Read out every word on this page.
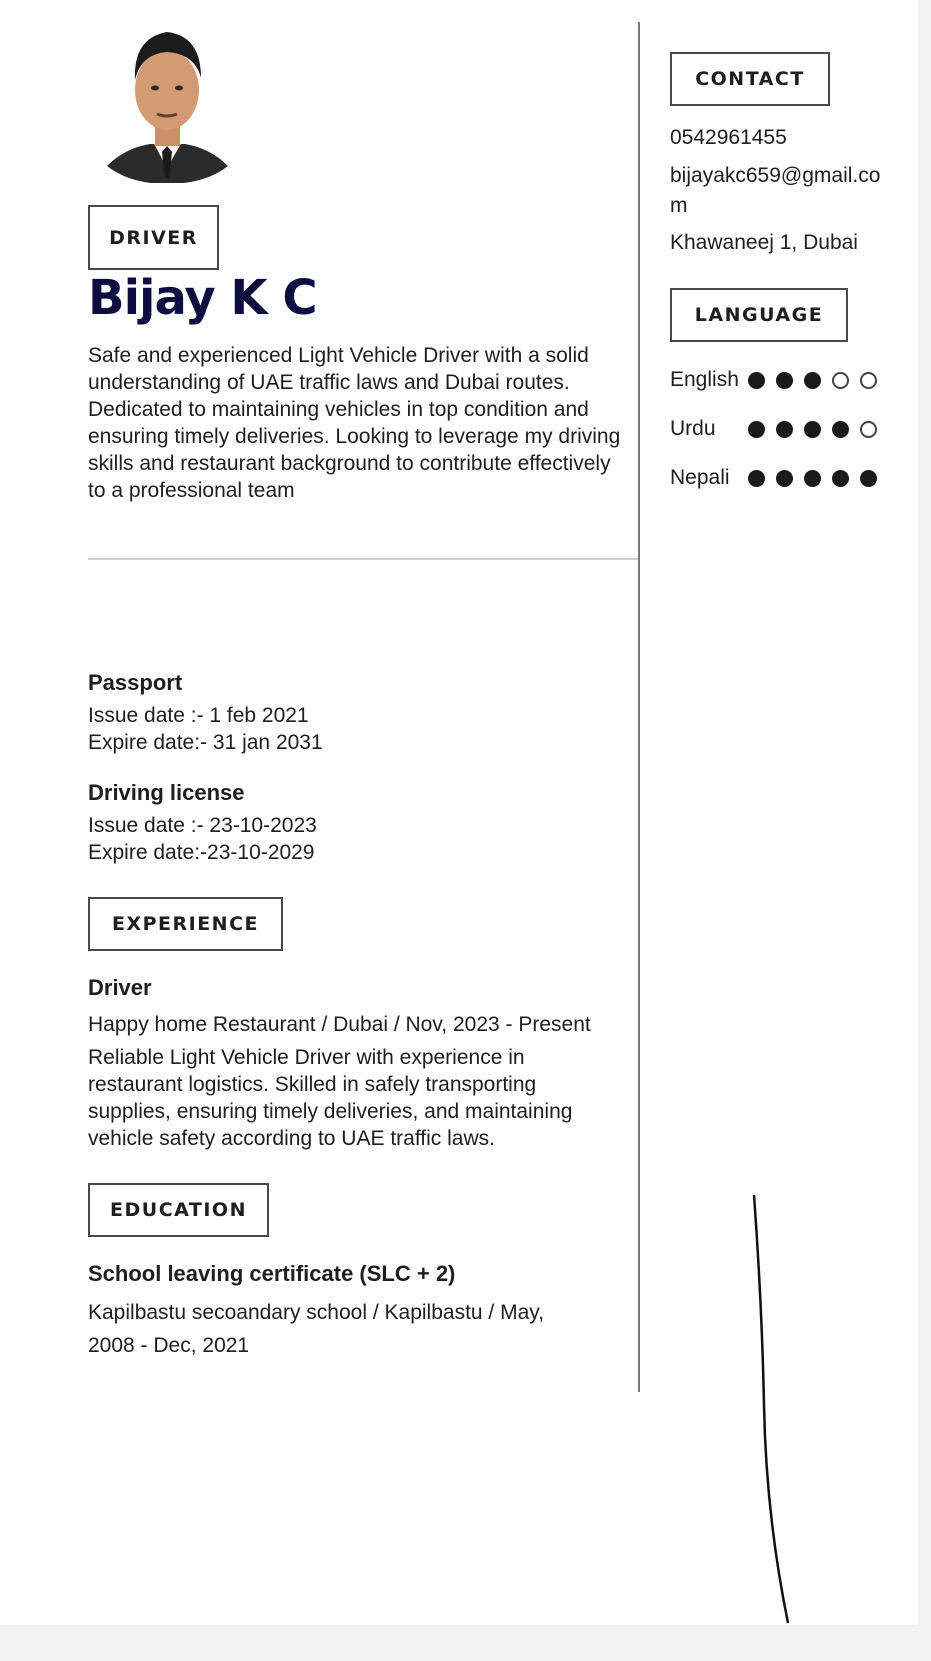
DRIVER
Bijay K C
Safe and experienced Light Vehicle Driver with a solid understanding of UAE traffic laws and Dubai routes. Dedicated to maintaining vehicles in top condition and ensuring timely deliveries. Looking to leverage my driving skills and restaurant background to contribute effectively to a professional team
Passport
Issue date :- 1 feb 2021
Expire date:- 31 jan 2031
Driving license
Issue date :- 23-10-2023
Expire date:-23-10-2029
EXPERIENCE
Driver
Happy home Restaurant / Dubai / Nov, 2023 - Present
Reliable Light Vehicle Driver with experience in restaurant logistics. Skilled in safely transporting supplies, ensuring timely deliveries, and maintaining vehicle safety according to UAE traffic laws.
EDUCATION
School leaving certificate (SLC + 2)
Kapilbastu secoandary school / Kapilbastu / May, 2008 - Dec, 2021
CONTACT
0542961455
bijayakc659@gmail.co
m
Khawaneej 1, Dubai
LANGUAGE
English
Urdu
Nepali
